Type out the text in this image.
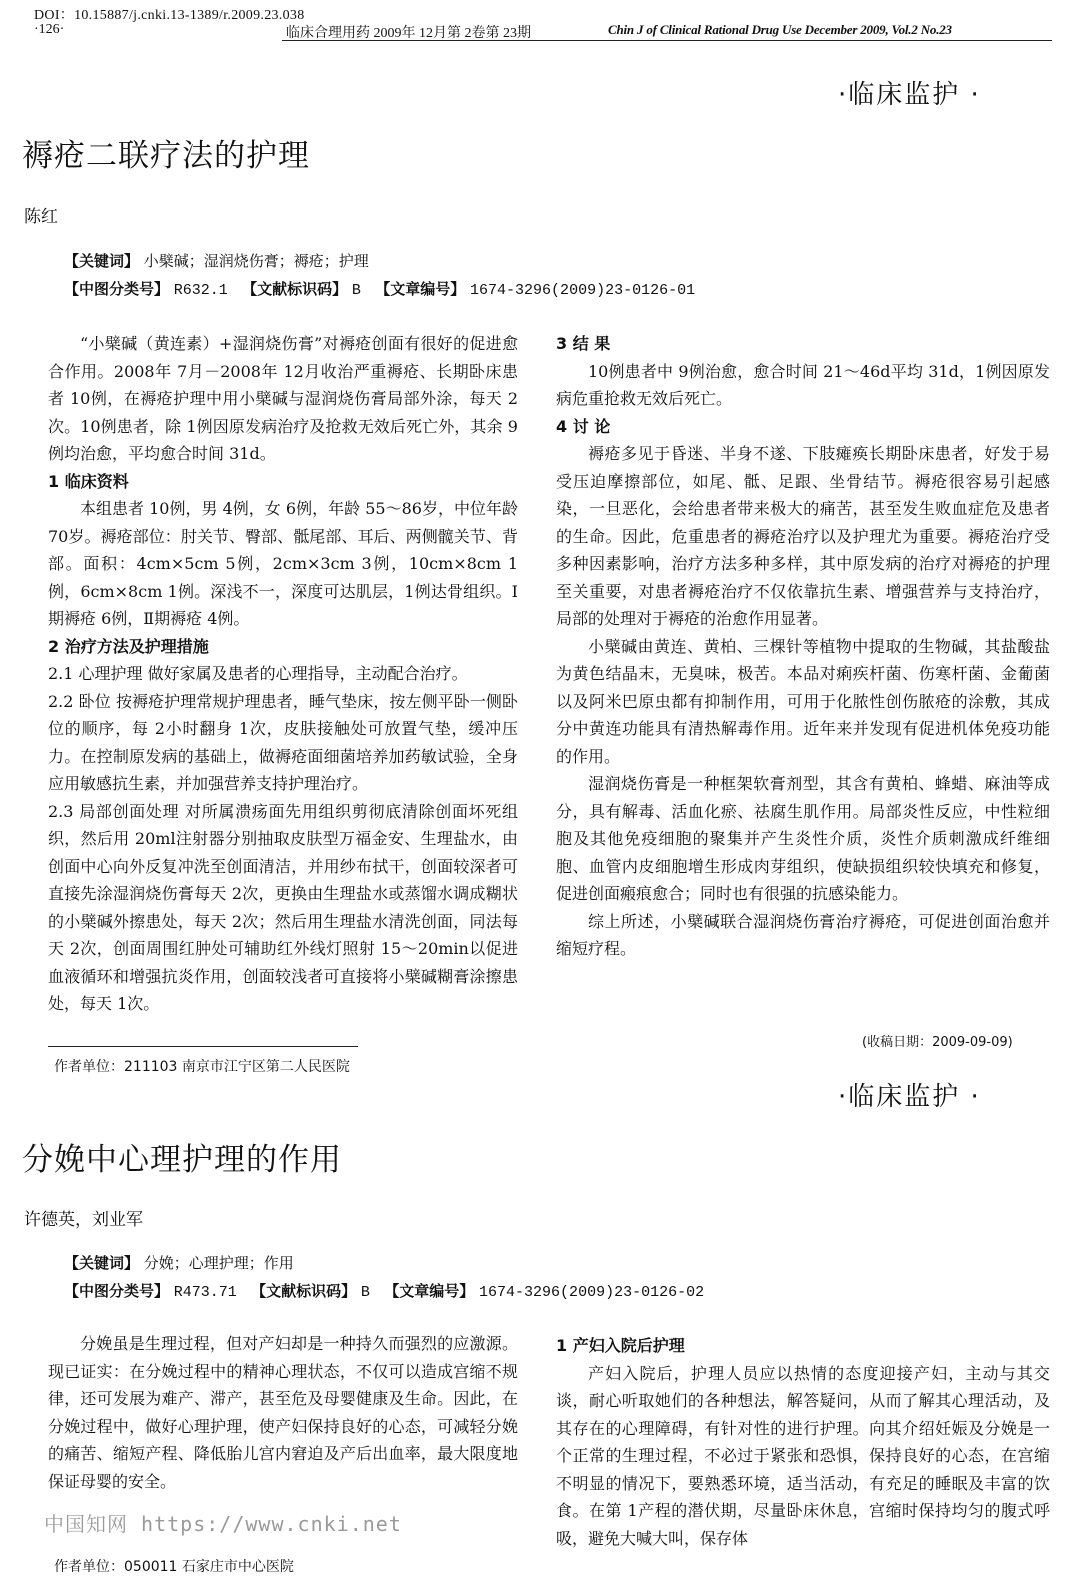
DOI：10.15887/j.cnki.13-1389/r.2009.23.038
·126·	临床合理用药 2009年 12月第 2卷第 23期	Chin J of Clinical Rational Drug Use December 2009, Vol.2 No.23
·临床监护 ·
褥疮二联疗法的护理
陈红
【关键词】 小檗碱；湿润烧伤膏；褥疮；护理
【中图分类号】 R632.1 【文献标识码】 B 【文章编号】 1674-3296(2009)23-0126-01

“小檗碱（黄连素）+湿润烧伤膏”对褥疮创面有很好的促进愈合作用。2008年 7月－2008年 12月收治严重褥疮、长期卧床患者 10例，在褥疮护理中用小檗碱与湿润烧伤膏局部外涂，每天 2次。10例患者，除 1例因原发病治疗及抢救无效后死亡外，其余 9例均治愈，平均愈合时间 31d。

1 临床资料

本组患者 10例，男 4例，女 6例，年龄 55～86岁，中位年龄 70岁。褥疮部位：肘关节、臀部、骶尾部、耳后、两侧髋关节、背部。面积：4cm×5cm 5例，2cm×3cm 3例，10cm×8cm 1例，6cm×8cm 1例。深浅不一，深度可达肌层，1例达骨组织。Ⅰ期褥疮 6例，Ⅱ期褥疮 4例。

2 治疗方法及护理措施

2.1 心理护理 做好家属及患者的心理指导，主动配合治疗。

2.2 卧位 按褥疮护理常规护理患者，睡气垫床，按左侧平卧一侧卧位的顺序，每 2小时翻身 1次，皮肤接触处可放置气垫，缓冲压力。在控制原发病的基础上，做褥疮面细菌培养加药敏试验，全身应用敏感抗生素，并加强营养支持护理治疗。

2.3 局部创面处理 对所属溃疡面先用组织剪彻底清除创面坏死组织，然后用 20ml注射器分别抽取皮肤型万福金安、生理盐水，由创面中心向外反复冲洗至创面清洁，并用纱布拭干，创面较深者可直接先涂湿润烧伤膏每天 2次，更换由生理盐水或蒸馏水调成糊状的小檗碱外擦患处，每天 2次；然后用生理盐水清洗创面，同法每天 2次，创面周围红肿处可辅助红外线灯照射 15～20min以促进血液循环和增强抗炎作用，创面较浅者可直接将小檗碱糊膏涂擦患处，每天 1次。

3 结 果

10例患者中 9例治愈，愈合时间 21～46d平均 31d，1例因原发病危重抢救无效后死亡。

4 讨 论

褥疮多见于昏迷、半身不遂、下肢瘫痪长期卧床患者，好发于易受压迫摩擦部位，如尾、骶、足跟、坐骨结节。褥疮很容易引起感染，一旦恶化，会给患者带来极大的痛苦，甚至发生败血症危及患者的生命。因此，危重患者的褥疮治疗以及护理尤为重要。褥疮治疗受多种因素影响，治疗方法多种多样，其中原发病的治疗对褥疮的护理至关重要，对患者褥疮治疗不仅依靠抗生素、增强营养与支持治疗，局部的处理对于褥疮的治愈作用显著。

小檗碱由黄连、黄柏、三棵针等植物中提取的生物碱，其盐酸盐为黄色结晶末，无臭味，极苦。本品对痢疾杆菌、伤寒杆菌、金葡菌以及阿米巴原虫都有抑制作用，可用于化脓性创伤脓疮的涂敷，其成分中黄连功能具有清热解毒作用。近年来并发现有促进机体免疫功能的作用。

湿润烧伤膏是一种框架软膏剂型，其含有黄柏、蜂蜡、麻油等成分，具有解毒、活血化瘀、祛腐生肌作用。局部炎性反应，中性粒细胞及其他免疫细胞的聚集并产生炎性介质，炎性介质刺激成纤维细胞、血管内皮细胞增生形成肉芽组织，使缺损组织较快填充和修复，促进创面瘢痕愈合；同时也有很强的抗感染能力。

综上所述，小檗碱联合湿润烧伤膏治疗褥疮，可促进创面治愈并缩短疗程。

(收稿日期：2009-09-09)
作者单位：211103 南京市江宁区第二人民医院
·临床监护 ·
分娩中心理护理的作用
许德英，刘业军
【关键词】 分娩；心理护理；作用
【中图分类号】 R473.71 【文献标识码】 B 【文章编号】 1674-3296(2009)23-0126-02

分娩虽是生理过程，但对产妇却是一种持久而强烈的应激源。现已证实：在分娩过程中的精神心理状态，不仅可以造成宫缩不规律，还可发展为难产、滞产，甚至危及母婴健康及生命。因此，在分娩过程中，做好心理护理，使产妇保持良好的心态，可减轻分娩的痛苦、缩短产程、降低胎儿宫内窘迫及产后出血率，最大限度地保证母婴的安全。

作者单位：050011 石家庄市中心医院
1 产妇入院后护理

产妇入院后，护理人员应以热情的态度迎接产妇，主动与其交谈，耐心听取她们的各种想法，解答疑问，从而了解其心理活动，及其存在的心理障碍，有针对性的进行护理。向其介绍妊娠及分娩是一个正常的生理过程，不必过于紧张和恐惧，保持良好的心态，在宫缩不明显的情况下，要熟悉环境，适当活动，有充足的睡眠及丰富的饮食。在第 1产程的潜伏期，尽量卧床休息，宫缩时保持均匀的腹式呼吸，避免大喊大叫，保存体

中国知网 https://www.cnki.net
